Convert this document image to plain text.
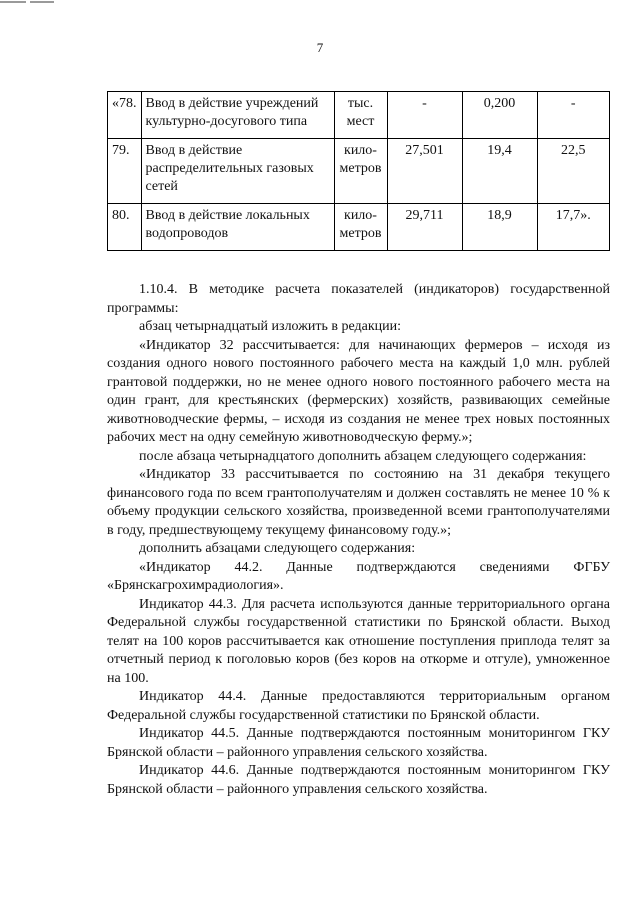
7
«78.	Ввод в действие учреждений культурно-досугового типа	тыс. мест	-	0,200	-
79.	Ввод в действие распределительных газовых сетей	кило-метров	27,501	19,4	22,5
80.	Ввод в действие локальных водопроводов	кило-метров	29,711	18,9	17,7».

1.10.4. В методике расчета показателей (индикаторов) государственной программы:

абзац четырнадцатый изложить в редакции:

«Индикатор 32 рассчитывается: для начинающих фермеров – исходя из создания одного нового постоянного рабочего места на каждый 1,0 млн. рублей грантовой поддержки, но не менее одного нового постоянного рабочего места на один грант, для крестьянских (фермерских) хозяйств, развивающих семейные животноводческие фермы, – исходя из создания не менее трех новых постоянных рабочих мест на одну семейную животноводческую ферму.»;

после абзаца четырнадцатого дополнить абзацем следующего содержания:

«Индикатор 33 рассчитывается по состоянию на 31 декабря текущего финансового года по всем грантополучателям и должен составлять не менее 10 % к объему продукции сельского хозяйства, произведенной всеми грантополучателями в году, предшествующему текущему финансовому году.»;

дополнить абзацами следующего содержания:

«Индикатор 44.2. Данные подтверждаются сведениями ФГБУ «Брянскагрохимрадиология».

Индикатор 44.3. Для расчета используются данные территориального органа Федеральной службы государственной статистики по Брянской области. Выход телят на 100 коров рассчитывается как отношение поступления приплода телят за отчетный период к поголовью коров (без коров на откорме и отгуле), умноженное на 100.

Индикатор 44.4. Данные предоставляются территориальным органом Федеральной службы государственной статистики по Брянской области.

Индикатор 44.5. Данные подтверждаются постоянным мониторингом ГКУ Брянской области – районного управления сельского хозяйства.

Индикатор 44.6. Данные подтверждаются постоянным мониторингом ГКУ Брянской области – районного управления сельского хозяйства.
